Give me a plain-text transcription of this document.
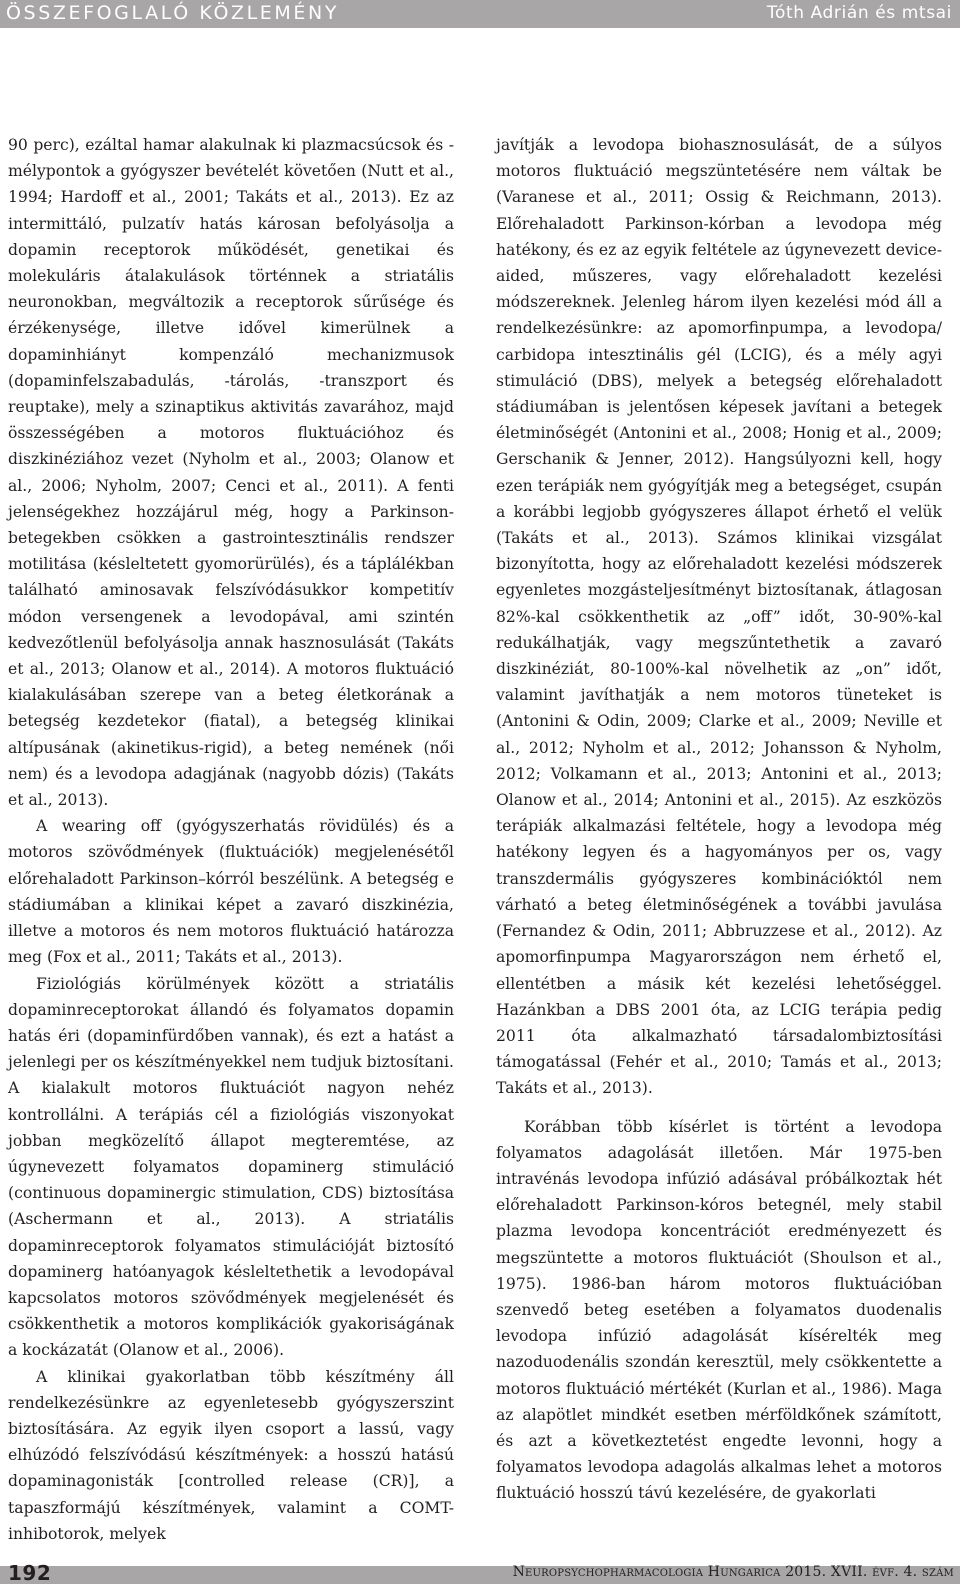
ÖSSZEFOGLALÓ KÖZLEMÉNY	Tóth Adrián és mtsai

90 perc), ezáltal hamar alakulnak ki plazmacsúcsok és -mélypontok a gyógyszer bevételét követően (Nutt et al., 1994; Hardoff et al., 2001; Takáts et al., 2013). Ez az intermittáló, pulzatív hatás károsan befolyásolja a dopamin receptorok működését, genetikai és molekuláris átalakulások történnek a striatális neuronokban, megváltozik a receptorok sűrűsége és érzékenysége, illetve idővel kimerülnek a dopaminhiányt kompenzáló mechanizmusok (dopaminfelszabadulás, -tárolás, -transzport és reuptake), mely a szinaptikus aktivitás zavarához, majd összességében a motoros fluktuációhoz és diszkinéziához vezet (Nyholm et al., 2003; Olanow et al., 2006; Nyholm, 2007; Cenci et al., 2011). A fenti jelenségekhez hozzájárul még, hogy a Parkinson-betegekben csökken a gastrointesztinális rendszer motilitása (késleltetett gyomorürülés), és a táplálékban található aminosavak felszívódásukkor kompetitív módon versengenek a levodopával, ami szintén kedvezőtlenül befolyásolja annak hasznosulását (Takáts et al., 2013; Olanow et al., 2014). A motoros fluktuáció kialakulásában szerepe van a beteg életkorának a betegség kezdetekor (fiatal), a betegség klinikai altípusának (akinetikus-rigid), a beteg nemének (női nem) és a levodopa adagjának (nagyobb dózis) (Takáts et al., 2013).

A wearing off (gyógyszerhatás rövidülés) és a motoros szövődmények (fluktuációk) megjelenésétől előrehaladott Parkinson–kórról beszélünk. A betegség e stádiumában a klinikai képet a zavaró diszkinézia, illetve a motoros és nem motoros fluktuáció határozza meg (Fox et al., 2011; Takáts et al., 2013).

Fiziológiás körülmények között a striatális dopaminreceptorokat állandó és folyamatos dopamin hatás éri (dopaminfürdőben vannak), és ezt a hatást a jelenlegi per os készítményekkel nem tudjuk biztosítani. A kialakult motoros fluktuációt nagyon nehéz kontrollálni. A terápiás cél a fiziológiás viszonyokat jobban megközelítő állapot megteremtése, az úgynevezett folyamatos dopaminerg stimuláció (continuous dopaminergic stimulation, CDS) biztosítása (Aschermann et al., 2013). A striatális dopaminreceptorok folyamatos stimulációját biztosító dopaminerg hatóanyagok késleltethetik a levodopával kapcsolatos motoros szövődmények megjelenését és csökkenthetik a motoros komplikációk gyakoriságának a kockázatát (Olanow et al., 2006).

A klinikai gyakorlatban több készítmény áll rendelkezésünkre az egyenletesebb gyógyszerszint biztosítására. Az egyik ilyen csoport a lassú, vagy elhúzódó felszívódású készítmények: a hosszú hatású dopaminagonisták [controlled release (CR)], a tapaszformájú készítmények, valamint a COMT-inhibotorok, melyek

javítják a levodopa biohasznosulását, de a súlyos motoros fluktuáció megszüntetésére nem váltak be (Varanese et al., 2011; Ossig & Reichmann, 2013). Előrehaladott Parkinson-kórban a levodopa még hatékony, és ez az egyik feltétele az úgynevezett device-aided, műszeres, vagy előrehaladott kezelési módszereknek. Jelenleg három ilyen kezelési mód áll a rendelkezésünkre: az apomorfinpumpa, a levodopa/ carbidopa intesztinális gél (LCIG), és a mély agyi stimuláció (DBS), melyek a betegség előrehaladott stádiumában is jelentősen képesek javítani a betegek életminőségét (Antonini et al., 2008; Honig et al., 2009; Gerschanik & Jenner, 2012). Hangsúlyozni kell, hogy ezen terápiák nem gyógyítják meg a betegséget, csupán a korábbi legjobb gyógyszeres állapot érhető el velük (Takáts et al., 2013). Számos klinikai vizsgálat bizonyította, hogy az előrehaladott kezelési módszerek egyenletes mozgásteljesítményt biztosítanak, átlagosan 82%-kal csökkenthetik az „off” időt, 30-90%-kal redukálhatják, vagy megszűntethetik a zavaró diszkinéziát, 80-100%-kal növelhetik az „on” időt, valamint javíthatják a nem motoros tüneteket is (Antonini & Odin, 2009; Clarke et al., 2009; Neville et al., 2012; Nyholm et al., 2012; Johansson & Nyholm, 2012; Volkamann et al., 2013; Antonini et al., 2013; Olanow et al., 2014; Antonini et al., 2015). Az eszközös terápiák alkalmazási feltétele, hogy a levodopa még hatékony legyen és a hagyományos per os, vagy transzdermális gyógyszeres kombinációktól nem várható a beteg életminőségének a további javulása (Fernandez & Odin, 2011; Abbruzzese et al., 2012). Az apomorfinpumpa Magyarországon nem érhető el, ellentétben a másik két kezelési lehetőséggel. Hazánkban a DBS 2001 óta, az LCIG terápia pedig 2011 óta alkalmazható társadalombiztosítási támogatással (Fehér et al., 2010; Tamás et al., 2013; Takáts et al., 2013).

Korábban több kísérlet is történt a levodopa folyamatos adagolását illetően. Már 1975-ben intravénás levodopa infúzió adásával próbálkoztak hét előrehaladott Parkinson-kóros betegnél, mely stabil plazma levodopa koncentrációt eredményezett és megszüntette a motoros fluktuációt (Shoulson et al., 1975). 1986-ban három motoros fluktuációban szenvedő beteg esetében a folyamatos duodenalis levodopa infúzió adagolását kísérelték meg nazoduodenális szondán keresztül, mely csökkentette a motoros fluktuáció mértékét (Kurlan et al., 1986). Maga az alapötlet mindkét esetben mérföldkőnek számított, és azt a következtetést engedte levonni, hogy a folyamatos levodopa adagolás alkalmas lehet a motoros fluktuáció hosszú távú kezelésére, de gyakorlati

192	Neuropsychopharmacologia Hungarica 2015. XVII. évf. 4. szám
